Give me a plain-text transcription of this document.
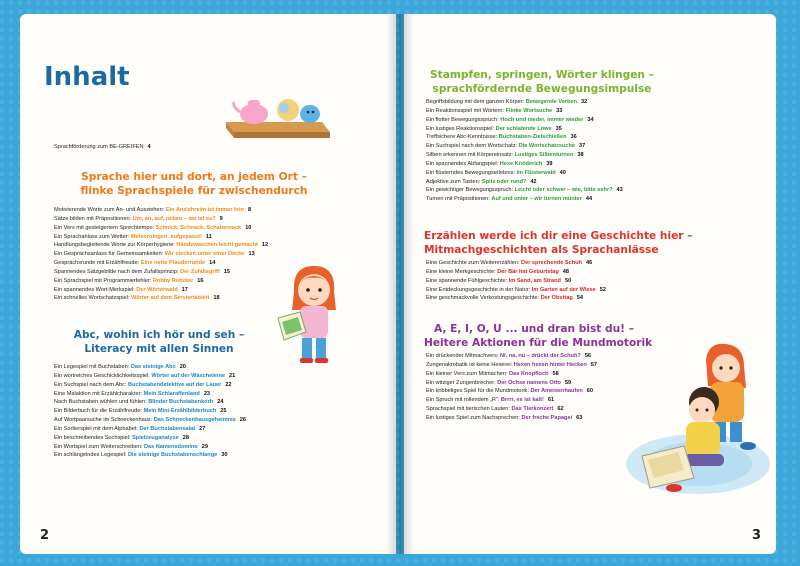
Inhalt
Sprachförderung zum BE-GREIFEN 4
Sprache hier und dort, an jedem Ort –
flinke Sprachspiele für zwischendurch
Motivierende Worte zum An- und Ausziehen: Ein Anziehreim ist immer fein 8
Sätze bilden mit Präpositionen: Um, an, auf, neben – wo ist es? 9
Ein Vers mit gesteigertem Sprechtempo: Schnick, Schnack, Schabernack 10
Ein Sprachanlass zum Wetter: Meteorologen, aufgepasst! 11
Handlungsbegleitende Worte zur Körperhygiene: Händewaschen leicht gemacht 12
Ein Gesprächsanlass für Gemeinsamkeiten: Wir stecken unter einer Decke 13
Gesprächsrunde mit Erzählfreude: Eine nette Plauderrunde 14
Spannendes Satzgebilde nach dem Zufallsprinzip: Der Zufallsgriff 15
Ein Sprachspiel mit Programmierfehler: Robby Roboter 16
Ein spannendes Wort-Merkspiel: Der Wörterwald 17
Ein schnelles Wortschatzspiel: Wörter auf dem Serviertablett 18
Abc, wohin ich hör und seh –
Literacy mit allen Sinnen
Ein Legespiel mit Buchstaben: Das steinige Abc 20
Ein wortreiches Geschicklichkeitsspiel: Wörter auf der Wäscheleine 21
Ein Suchspiel nach dem Abc: Buchstabendetektive auf der Lauer 22
Eine Malaktion mit Erzählcharakter: Mein Schlaraffenland 23
Nach Buchstaben wühlen und fühlen: Blinder Buchstabenkorb 24
Ein Bilderbuch für die Erzählfreude: Mein Mini-Erzählbilderbuch 25
Auf Wortpaarsuche im Schneckenhaus: Das Schneckenhausgeheimnis 26
Ein Sortierspiel mit dem Alphabet: Der Buchstabensalat 27
Ein beschreibendes Suchspiel: Spielzeuganalyse 28
Ein Wortspiel zum Weiterschreiben: Das Namensdomino 29
Ein schlängelndes Legespiel: Die steinige Buchstabenschlange 30
2
Stampfen, springen, Wörter klingen –
sprachfördernde Bewegungsimpulse
Begriffsbildung mit dem ganzen Körper: Bewegende Verben 32
Ein Reaktionsspiel mit Wörtern: Flinke Wortsuche 33
Ein flotter Bewegungsspruch: Hoch und nieder, immer wieder 34
Ein lustiges Reaktionsspiel: Der schlafende Löwe 35
Treffsichere Abc-Kenntnisse: Buchstaben-Zielschießen 36
Ein Suchspiel nach dem Wortschatz: Die Wortschatzsuche 37
Silben erkennen mit Körpereinsatz: Lustiges Silbenturnen 38
Ein spannendes Abfangspiel: Hexe Knöderich 39
Ein flüsterndes Bewegungserlebnis: Im Flüsterwald 40
Adjektive zum Tasten: Spitz oder rund? 42
Ein gewichtiger Bewegungsspruch: Leicht oder schwer – wie, bitte sehr? 43
Turnen mit Präpositionen: Auf und unter – wir turnen munter 44
Erzählen werde ich dir eine Geschichte hier –
Mitmachgeschichten als Sprachanlässe
Eine Geschichte zum Weitererzählen: Der sprechende Schuh 46
Eine kleine Merkgeschichte: Der Bär hat Geburtstag 48
Eine spannende Fühlgeschichte: Im Sand, am Strand 50
Eine Entdeckungsgeschichte in der Natur: Im Garten auf der Wiese 52
Eine geschmackvolle Verkostungsgeschichte: Der Obsttag 54
A, E, I, O, U ... und dran bist du! –
Heitere Aktionen für die Mundmotorik
Ein drückender Mitmachvers: Ni, na, nu – drückt der Schuh? 56
Zungenakrobatik ist keine Hexerei: Hexen hexen hinter Hecken 57
Ein kleiner Vers zum Mitmachen: Das Knopfloch 58
Ein witziger Zungenbrecher: Der Ochse namens Otto 59
Ein kribbeliges Spiel für die Mundmotorik: Der Ameisenhaufen 60
Ein Spruch mit rollendem „R“: Brrrr, es ist kalt! 61
Sprachspiel mit tierischen Lauten: Das Tierkonzert 62
Ein lustiges Spiel zum Nachsprechen: Der freche Papagei 63
3
